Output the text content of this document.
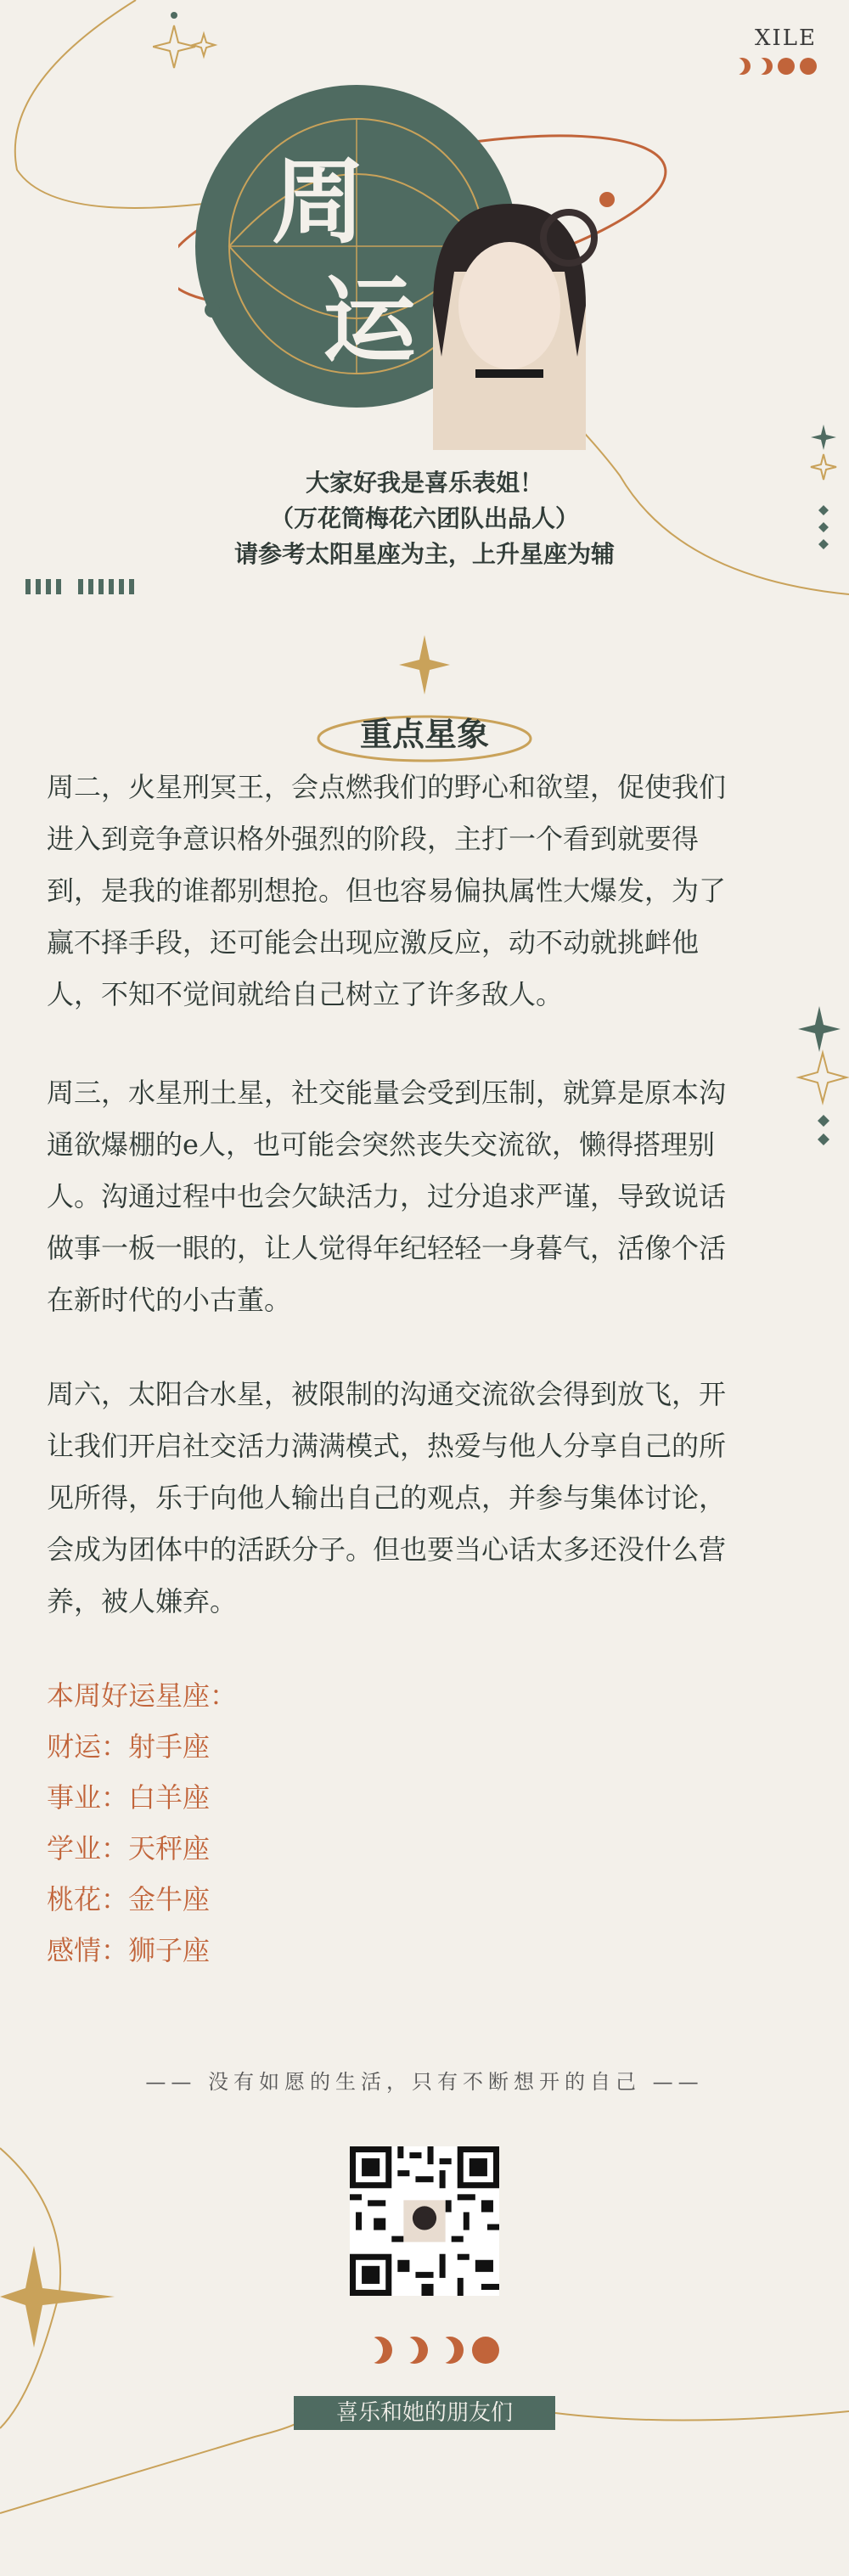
XILE
周
运
大家好我是喜乐表姐！
（万花筒梅花六团队出品人）
请参考太阳星座为主，上升星座为辅
重点星象
周二，火星刑冥王，会点燃我们的野心和欲望，促使我们
进入到竞争意识格外强烈的阶段，主打一个看到就要得
到，是我的谁都别想抢。但也容易偏执属性大爆发，为了
赢不择手段，还可能会出现应激反应，动不动就挑衅他
人，不知不觉间就给自己树立了许多敌人。
周三，水星刑土星，社交能量会受到压制，就算是原本沟
通欲爆棚的e人，也可能会突然丧失交流欲，懒得搭理别
人。沟通过程中也会欠缺活力，过分追求严谨，导致说话
做事一板一眼的，让人觉得年纪轻轻一身暮气，活像个活
在新时代的小古董。
周六，太阳合水星，被限制的沟通交流欲会得到放飞，开
让我们开启社交活力满满模式，热爱与他人分享自己的所
见所得，乐于向他人输出自己的观点，并参与集体讨论，
会成为团体中的活跃分子。但也要当心话太多还没什么营
养，被人嫌弃。
本周好运星座：
财运：射手座
事业：白羊座
学业：天秤座
桃花：金牛座
感情：狮子座
—— 没有如愿的生活，只有不断想开的自己 ——
喜乐和她的朋友们
